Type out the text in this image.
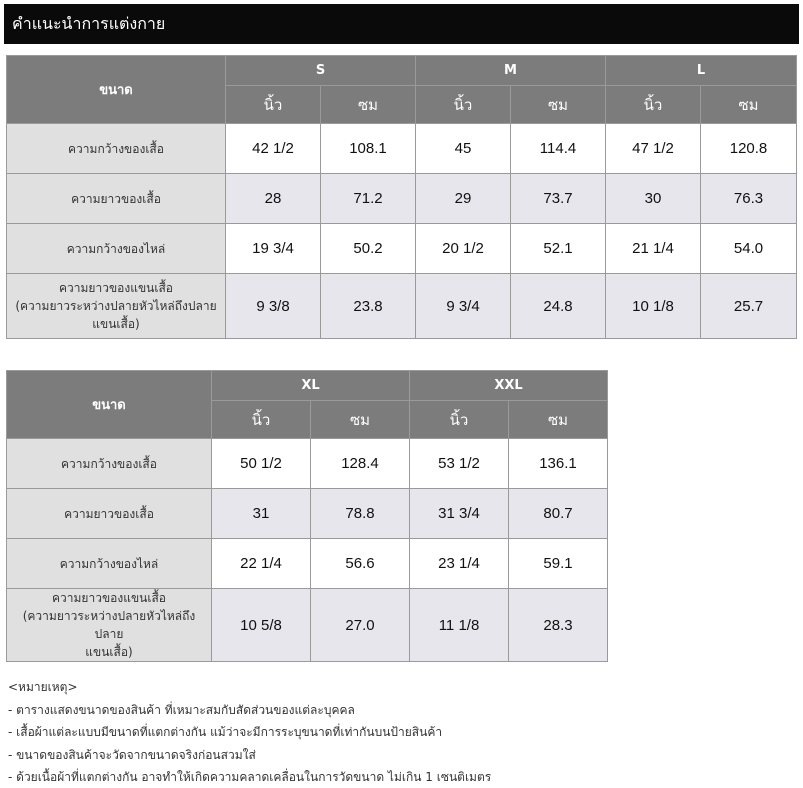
คำแนะนำการแต่งกาย
ขนาด	S		M		L	
	นิ้ว	ซม	นิ้ว	ซม	นิ้ว	ซม
ความกว้างของเสื้อ	42 1/2	108.1	45	114.4	47 1/2	120.8
ความยาวของเสื้อ	28	71.2	29	73.7	30	76.3
ความกว้างของไหล่	19 3/4	50.2	20 1/2	52.1	21 1/4	54.0

ความยาวของแขนเสื้อ
(ความยาวระหว่างปลายหัวไหล่ถึงปลาย
แขนเสื้อ)	9 3/8	23.8	9 3/4	24.8	10 1/8	25.7
ขนาด	XL		XXL	
	นิ้ว	ซม	นิ้ว	ซม
ความกว้างของเสื้อ	50 1/2	128.4	53 1/2	136.1
ความยาวของเสื้อ	31	78.8	31 3/4	80.7
ความกว้างของไหล่	22 1/4	56.6	23 1/4	59.1

ความยาวของแขนเสื้อ
(ความยาวระหว่างปลายหัวไหล่ถึงปลาย
แขนเสื้อ)	10 5/8	27.0	11 1/8	28.3
<หมายเหตุ>
- ตารางแสดงขนาดของสินค้า ที่เหมาะสมกับสัดส่วนของแต่ละบุคคล
- เสื้อผ้าแต่ละแบบมีขนาดที่แตกต่างกัน แม้ว่าจะมีการระบุขนาดที่เท่ากันบนป้ายสินค้า
- ขนาดของสินค้าจะวัดจากขนาดจริงก่อนสวมใส่
- ด้วยเนื้อผ้าที่แตกต่างกัน อาจทำให้เกิดความคลาดเคลื่อนในการวัดขนาด ไม่เกิน 1 เซนติเมตร
